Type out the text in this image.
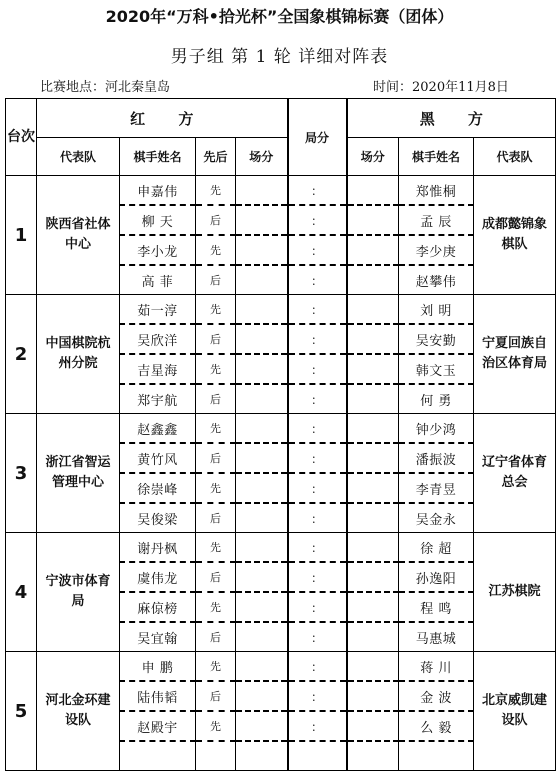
2020年“万科•拾光杯”全国象棋锦标赛（团体）
男子组 第 1 轮 详细对阵表
比赛地点：河北秦皇岛	时间：2020年11月8日
台次	红 方				局分	黑 方		
	代表队	棋手姓名	先后	场分		场分	棋手姓名	代表队
1	陕西省社体中心	申嘉伟	先		：		郑惟桐	成都懿锦象棋队
		柳 天	后		：		孟 辰	
		李小龙	先		：		李少庚	
		高 菲	后		：		赵攀伟	
2	中国棋院杭州分院	茹一淳	先		：		刘 明	宁夏回族自治区体育局
		吴欣洋	后		：		吴安勤	
		吉星海	先		：		韩文玉	
		郑宇航	后		：		何 勇	
3	浙江省智运管理中心	赵鑫鑫	先		：		钟少鸿	辽宁省体育总会
		黄竹风	后		：		潘振波	
		徐崇峰	先		：		李青昱	
		吴俊梁	后		：		吴金永	
4	宁波市体育局	谢丹枫	先		：		徐 超	江苏棋院
		虞伟龙	后		：		孙逸阳	
		麻倞榜	先		：		程 鸣	
		吴宜翰	后		：		马惠城	
5	河北金环建设队	申 鹏	先		：		蒋 川	北京威凯建设队
		陆伟韬	后		：		金 波	
		赵殿宇	先		：		么 毅	
